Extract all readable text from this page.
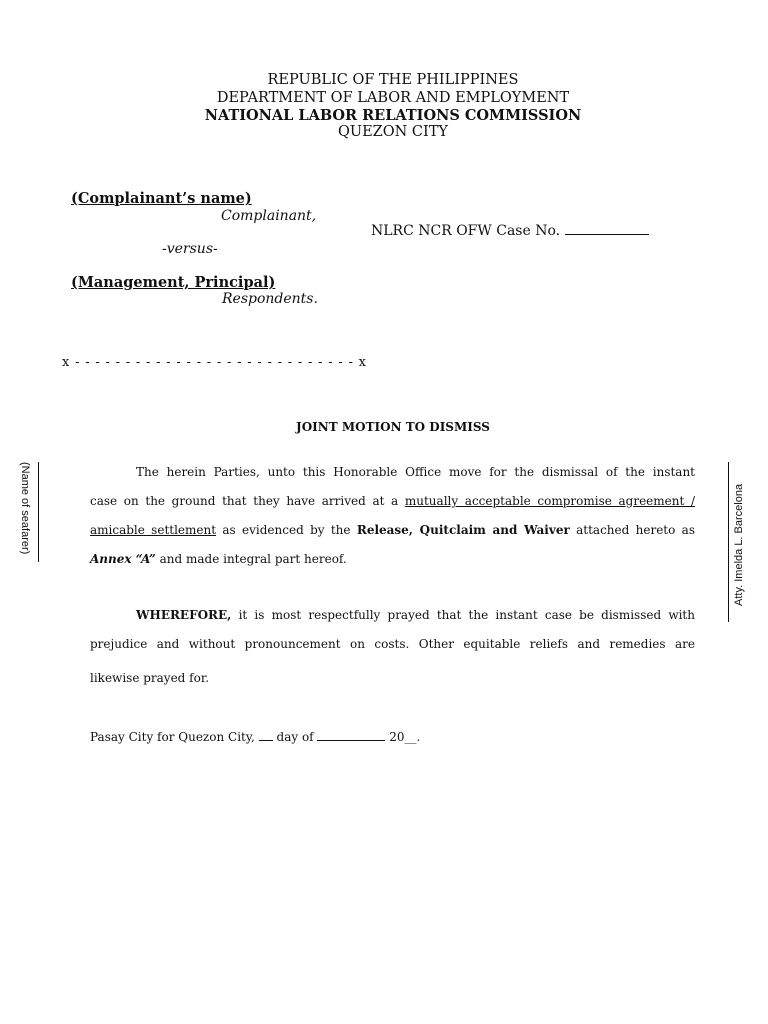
REPUBLIC OF THE PHILIPPINES
DEPARTMENT OF LABOR AND EMPLOYMENT
NATIONAL LABOR RELATIONS COMMISSION
QUEZON CITY
(Complainant’s name)
Complainant,
NLRC NCR OFW Case No.
-versus-
(Management, Principal)
Respondents.
x - - - - - - - - - - - - - - - - - - - - - - - - - - - - x
JOINT MOTION TO DISMISS
The herein Parties, unto this Honorable Office move for the dismissal of the instant
case on the ground that they have arrived at a mutually acceptable compromise agreement /
amicable settlement as evidenced by the Release, Quitclaim and Waiver attached hereto as
Annex “A” and made integral part hereof.
WHEREFORE, it is most respectfully prayed that the instant case be dismissed with
prejudice and without pronouncement on costs. Other equitable reliefs and remedies are
likewise prayed for.
Pasay City for Quezon City, day of	20__.
(Name of seafarer)	Atty. Imelda L. Barcelona
